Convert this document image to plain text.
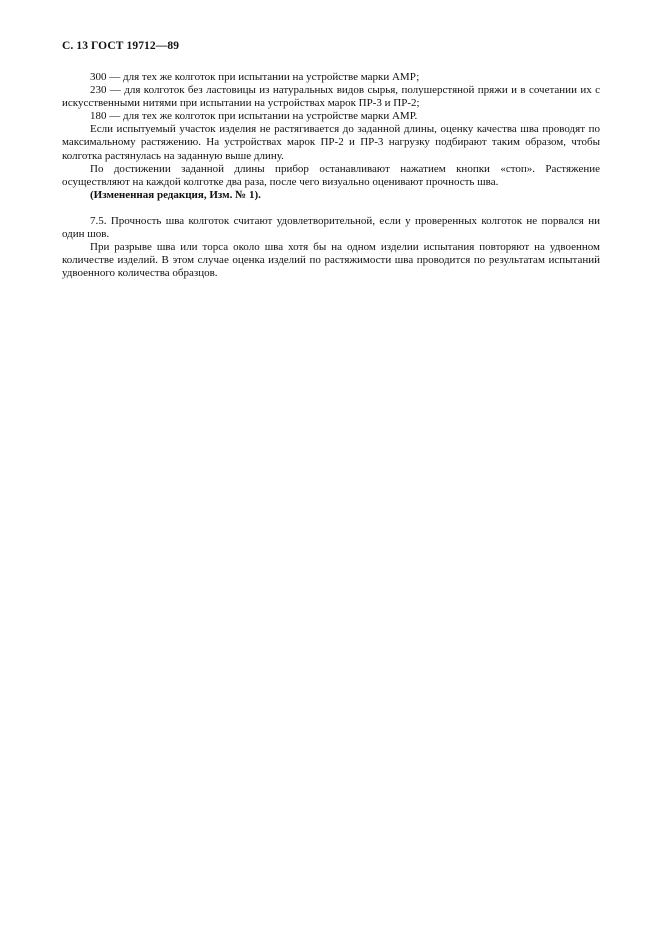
С. 13 ГОСТ 19712—89

300 — для тех же колготок при испытании на устройстве марки АМР;

230 — для колготок без ластовицы из натуральных видов сырья, полушерстяной пряжи и в сочетании их с искусственными нитями при испытании на устройствах марок ПР-3 и ПР-2;

180 — для тех же колготок при испытании на устройстве марки АМР.

Если испытуемый участок изделия не растягивается до заданной длины, оценку качества шва проводят по максимальному растяжению. На устройствах марок ПР-2 и ПР-3 нагрузку подбирают таким образом, чтобы колготка растянулась на заданную выше длину.

По достижении заданной длины прибор останавливают нажатием кнопки «стоп». Растяжение осуществляют на каждой колготке два раза, после чего визуально оценивают прочность шва.

(Измененная редакция, Изм. № 1).

7.5. Прочность шва колготок считают удовлетворительной, если у проверенных колготок не порвался ни один шов.

При разрыве шва или торса около шва хотя бы на одном изделии испытания повторяют на удвоенном количестве изделий. В этом случае оценка изделий по растяжимости шва проводится по результатам испытаний удвоенного количества образцов.
